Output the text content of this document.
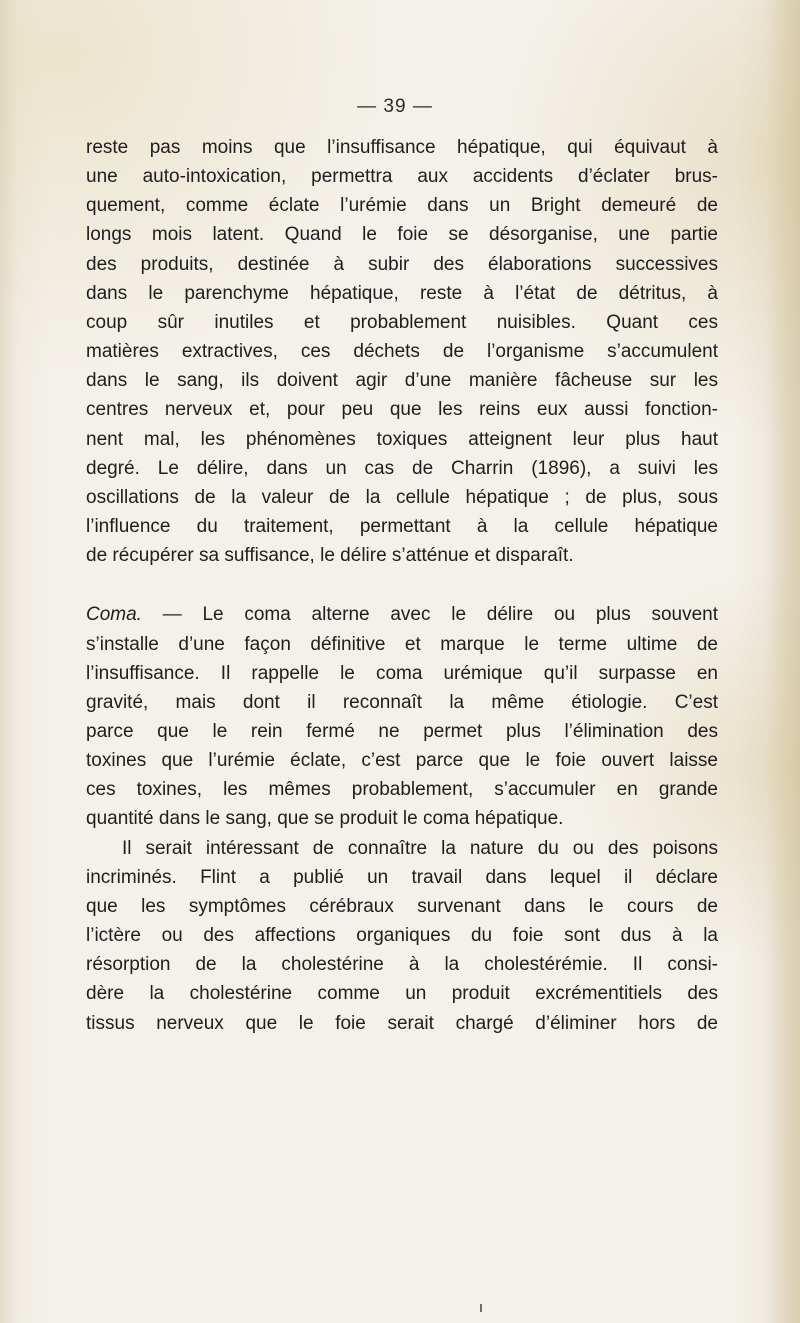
— 39 —
reste pas moins que l’insuffisance hépatique, qui équivaut à
une auto-intoxication, permettra aux accidents d’éclater brus-
quement, comme éclate l’urémie dans un Bright demeuré de
longs mois latent. Quand le foie se désorganise, une partie
des produits, destinée à subir des élaborations successives
dans le parenchyme hépatique, reste à l’état de détritus, à
coup sûr inutiles et probablement nuisibles. Quant ces
matières extractives, ces déchets de l’organisme s’accumulent
dans le sang, ils doivent agir d’une manière fâcheuse sur les
centres nerveux et, pour peu que les reins eux aussi fonction-
nent mal, les phénomènes toxiques atteignent leur plus haut
degré. Le délire, dans un cas de Charrin (1896), a suivi les
oscillations de la valeur de la cellule hépatique ; de plus, sous
l’influence du traitement, permettant à la cellule hépatique
de récupérer sa suffisance, le délire s’atténue et disparaît.
Coma. — Le coma alterne avec le délire ou plus souvent
s’installe d’une façon définitive et marque le terme ultime de
l’insuffisance. Il rappelle le coma urémique qu’il surpasse en
gravité, mais dont il reconnaît la même étiologie. C’est
parce que le rein fermé ne permet plus l’élimination des
toxines que l’urémie éclate, c’est parce que le foie ouvert laisse
ces toxines, les mêmes probablement, s’accumuler en grande
quantité dans le sang, que se produit le coma hépatique.
Il serait intéressant de connaître la nature du ou des poisons
incriminés. Flint a publié un travail dans lequel il déclare
que les symptômes cérébraux survenant dans le cours de
l’ictère ou des affections organiques du foie sont dus à la
résorption de la cholestérine à la cholestérémie. Il consi-
dère la cholestérine comme un produit excrémentitiels des
tissus nerveux que le foie serait chargé d’éliminer hors de
